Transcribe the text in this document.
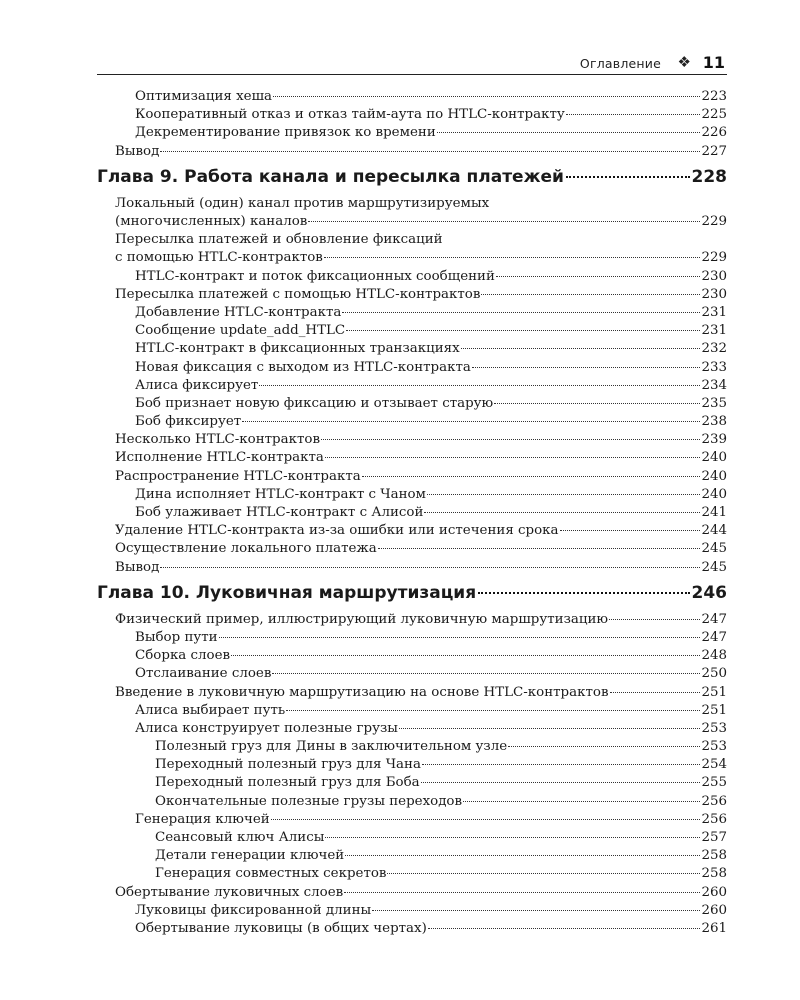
Оглавление ❖ 11
Оптимизация хеша	223
Кооперативный отказ и отказ тайм-аута по HTLC-контракту	225
Декрементирование привязок ко времени	226
Вывод	227
Глава 9. Работа канала и пересылка платежей	228
Локальный (один) канал против маршрутизируемых
(многочисленных) каналов	229
Пересылка платежей и обновление фиксаций
с помощью HTLC-контрактов	229
HTLC-контракт и поток фиксационных сообщений	230
Пересылка платежей с помощью HTLC-контрактов	230
Добавление HTLC-контракта	231
Сообщение update_add_HTLC	231
HTLC-контракт в фиксационных транзакциях	232
Новая фиксация с выходом из HTLC-контракта	233
Алиса фиксирует	234
Боб признает новую фиксацию и отзывает старую	235
Боб фиксирует	238
Несколько HTLC-контрактов	239
Исполнение HTLC-контракта	240
Распространение HTLC-контракта	240
Дина исполняет HTLC-контракт с Чаном	240
Боб улаживает HTLC-контракт с Алисой	241
Удаление HTLC-контракта из-за ошибки или истечения срока	244
Осуществление локального платежа	245
Вывод	245
Глава 10. Луковичная маршрутизация	246
Физический пример, иллюстрирующий луковичную маршрутизацию	247
Выбор пути	247
Сборка слоев	248
Отслаивание слоев	250
Введение в луковичную маршрутизацию на основе HTLC-контрактов	251
Алиса выбирает путь	251
Алиса конструирует полезные грузы	253
Полезный груз для Дины в заключительном узле	253
Переходный полезный груз для Чана	254
Переходный полезный груз для Боба	255
Окончательные полезные грузы переходов	256
Генерация ключей	256
Сеансовый ключ Алисы	257
Детали генерации ключей	258
Генерация совместных секретов	258
Обертывание луковичных слоев	260
Луковицы фиксированной длины	260
Обертывание луковицы (в общих чертах)	261
